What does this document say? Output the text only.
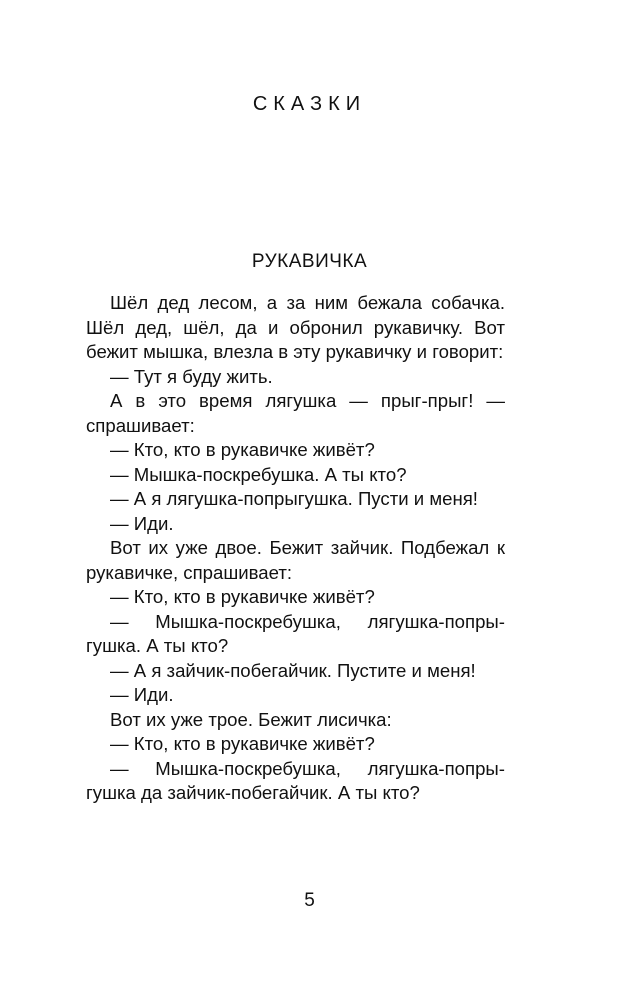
СКАЗКИ
РУКАВИЧКА

Шёл дед лесом, а за ним бежала собачка. Шёл дед, шёл, да и обронил рукавичку. Вот бежит мышка, влезла в эту рукавичку и говорит:

— Тут я буду жить.

А в это время лягушка — прыг-прыг! — спрашивает:

— Кто, кто в рукавичке живёт?

— Мышка-поскребушка. А ты кто?

— А я лягушка-попрыгушка. Пусти и меня!

— Иди.

Вот их уже двое. Бежит зайчик. Подбежал к рукавичке, спрашивает:

— Кто, кто в рукавичке живёт?

— Мышка-поскребушка, лягушка-попрыгушка. А ты кто?

— А я зайчик-побегайчик. Пустите и меня!

— Иди.

Вот их уже трое. Бежит лисичка:

— Кто, кто в рукавичке живёт?

— Мышка-поскребушка, лягушка-попрыгушка да зайчик-побегайчик. А ты кто?

5
